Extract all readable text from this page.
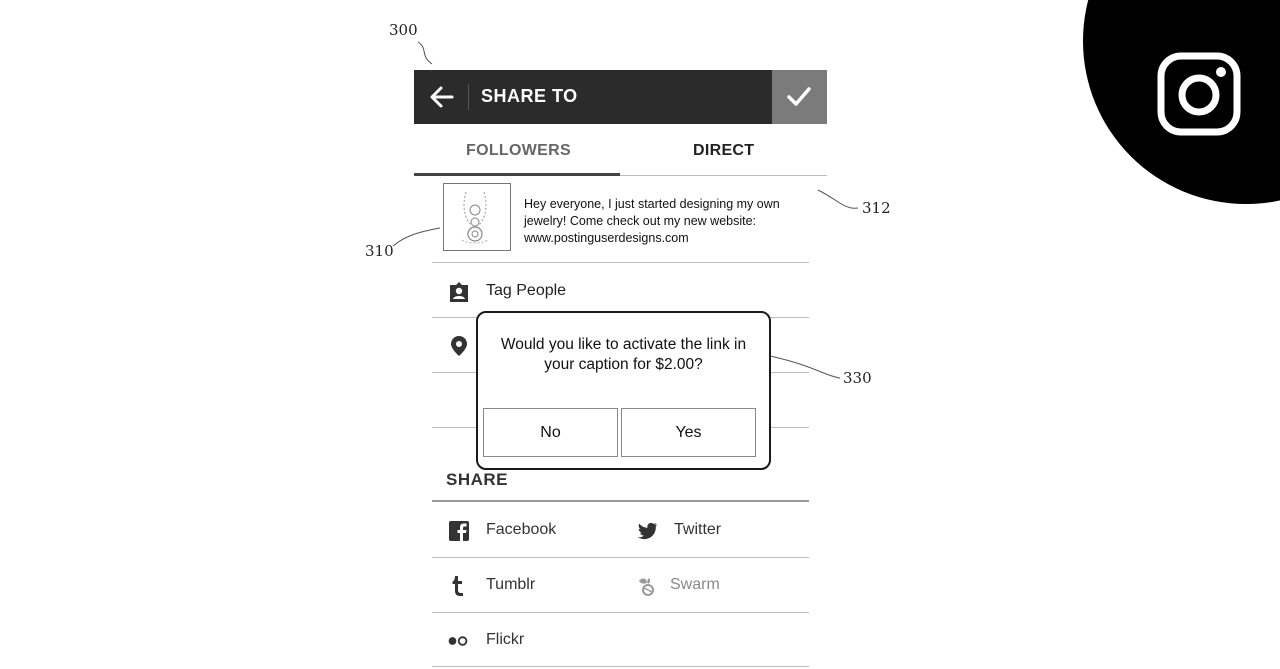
300
310
312
330
SHARE TO
FOLLOWERS	DIRECT
Hey everyone, I just started designing my own jewelry! Come check out my new website: www.postinguserdesigns.com
Tag People
SHARE
Facebook	Twitter
Tumblr	Swarm
Flickr
Would you like to activate the link in your caption for $2.00?
No	Yes
